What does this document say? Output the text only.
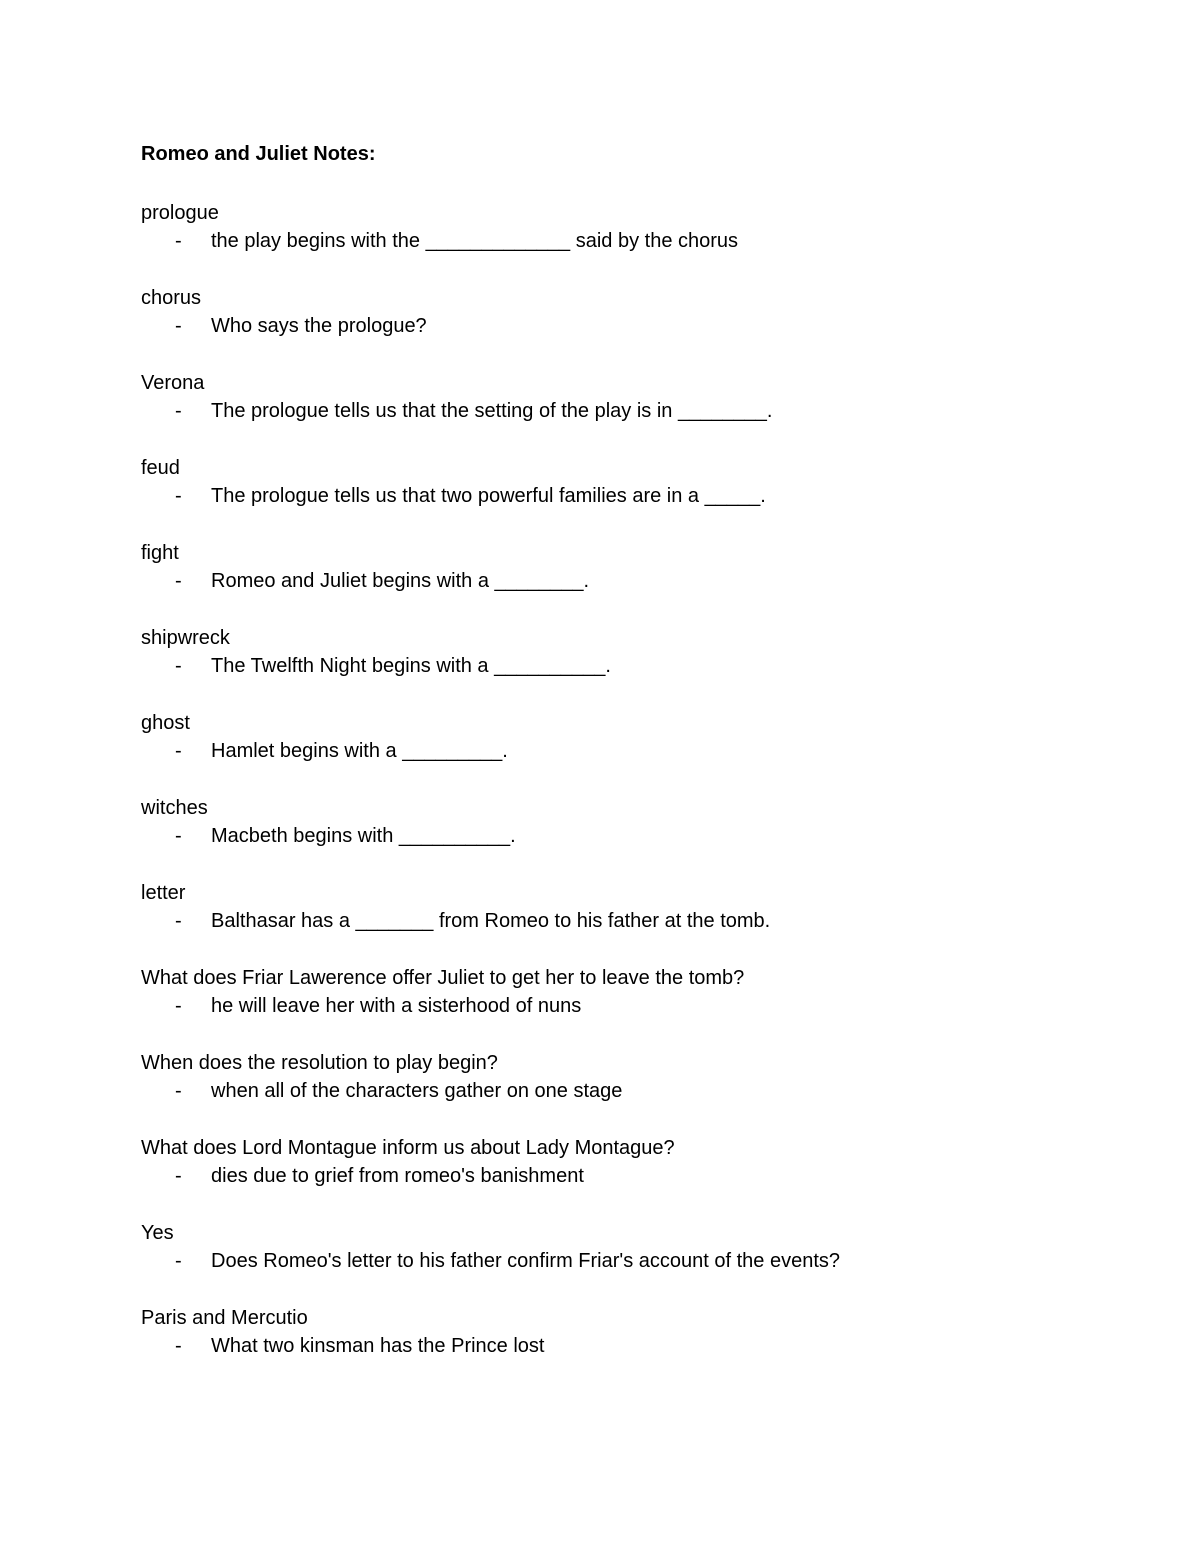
Romeo and Juliet Notes:

prologue

- the play begins with the _____________ said by the chorus

chorus

- Who says the prologue?

Verona

- The prologue tells us that the setting of the play is in ________.

feud

- The prologue tells us that two powerful families are in a _____.

fight

- Romeo and Juliet begins with a ________.

shipwreck

- The Twelfth Night begins with a __________.

ghost

- Hamlet begins with a _________.

witches

- Macbeth begins with __________.

letter

- Balthasar has a _______ from Romeo to his father at the tomb.

What does Friar Lawerence offer Juliet to get her to leave the tomb?

- he will leave her with a sisterhood of nuns

When does the resolution to play begin?

- when all of the characters gather on one stage

What does Lord Montague inform us about Lady Montague?

- dies due to grief from romeo's banishment

Yes

- Does Romeo's letter to his father confirm Friar's account of the events?

Paris and Mercutio

- What two kinsman has the Prince lost
